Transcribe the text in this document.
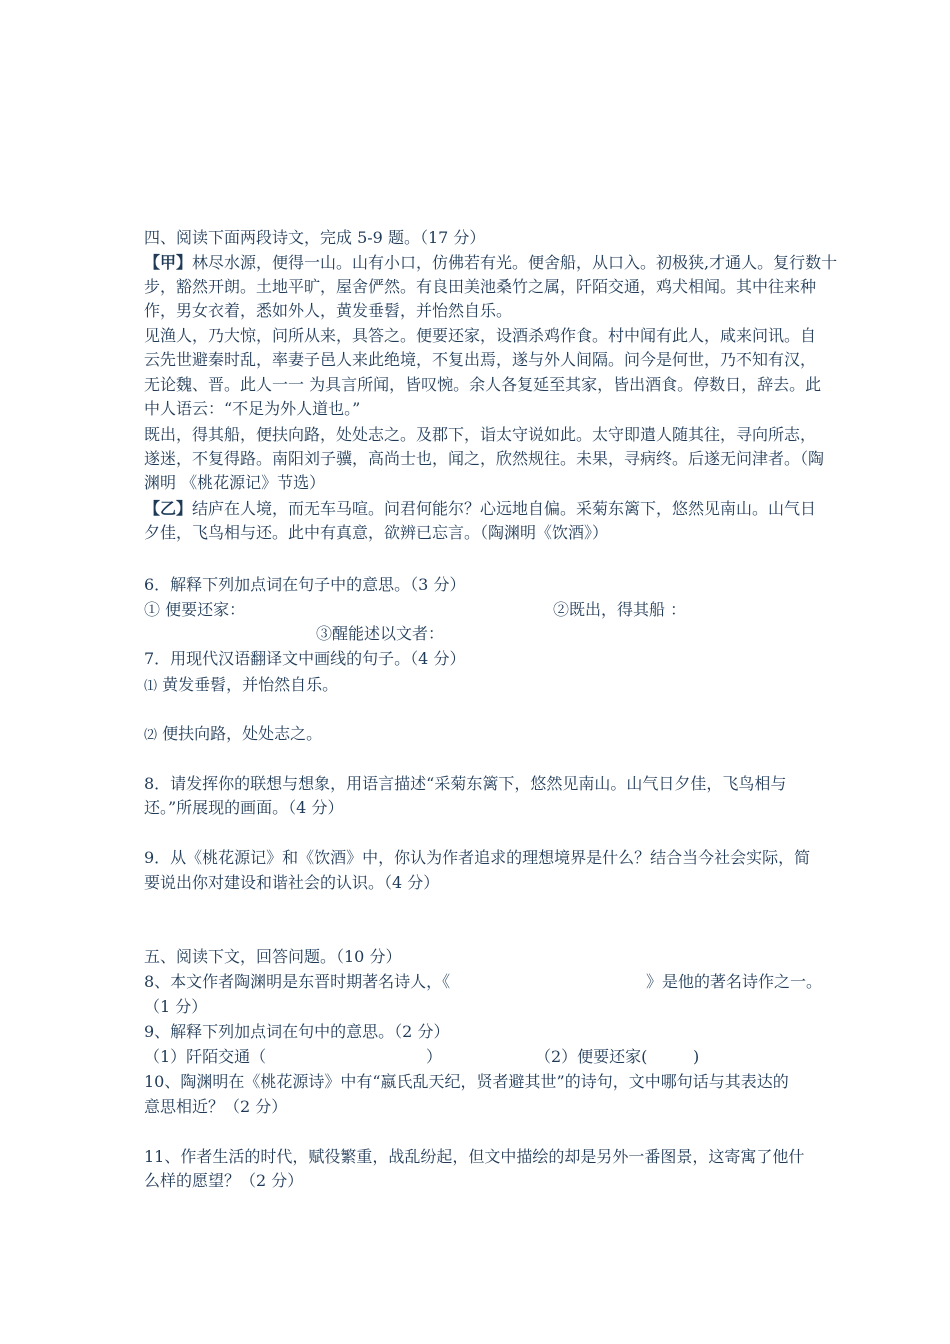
四、阅读下面两段诗文，完成 5-9 题。（17 分）
【甲】林尽水源，便得一山。山有小口，仿佛若有光。便舍船，从口入。初极狭,才通人。复行数十
步，豁然开朗。土地平旷，屋舍俨然。有良田美池桑竹之属，阡陌交通，鸡犬相闻。其中往来种
作，男女衣着，悉如外人，黄发垂髫，并怡然自乐。
见渔人，乃大惊，问所从来，具答之。便要还家，设酒杀鸡作食。村中闻有此人，咸来问讯。自
云先世避秦时乱，率妻子邑人来此绝境，不复出焉，遂与外人间隔。问今是何世，乃不知有汉，
无论魏、晋。此人一一 为具言所闻，皆叹惋。余人各复延至其家，皆出酒食。停数日，辞去。此
中人语云：“不足为外人道也。”
既出，得其船，便扶向路，处处志之。及郡下，诣太守说如此。太守即遣人随其往，寻向所志，
遂迷，不复得路。南阳刘子骥，高尚士也，闻之，欣然规往。未果，寻病终。后遂无问津者。（陶
渊明 《桃花源记》节选）
【乙】结庐在人境，而无车马喧。问君何能尔？心远地自偏。采菊东篱下，悠然见南山。山气日
夕佳，飞鸟相与还。此中有真意，欲辨已忘言。（陶渊明《饮酒》）
6．解释下列加点词在句子中的意思。（3 分）
① 便要还家：	②既出，得其船 ：
③醒能述以文者：
7．用现代汉语翻译文中画线的句子。（4 分）
⑴ 黄发垂髫，并怡然自乐。
⑵ 便扶向路，处处志之。
8．请发挥你的联想与想象，用语言描述“采菊东篱下，悠然见南山。山气日夕佳，飞鸟相与
还。”所展现的画面。（4 分）
9．从《桃花源记》和《饮酒》中，你认为作者追求的理想境界是什么？结合当今社会实际，简
要说出你对建设和谐社会的认识。（4 分）
五、阅读下文，回答问题。（10 分）
8、本文作者陶渊明是东晋时期著名诗人，《	》是他的著名诗作之一。
（1 分）
9、解释下列加点词在句中的意思。（2 分）
（1）阡陌交通（	）	（2）便要还家(	)
10、陶渊明在《桃花源诗》中有“嬴氏乱天纪，贤者避其世”的诗句，文中哪句话与其表达的
意思相近？（2 分）
11、作者生活的时代，赋役繁重，战乱纷起，但文中描绘的却是另外一番图景，这寄寓了他什
么样的愿望？（2 分）
